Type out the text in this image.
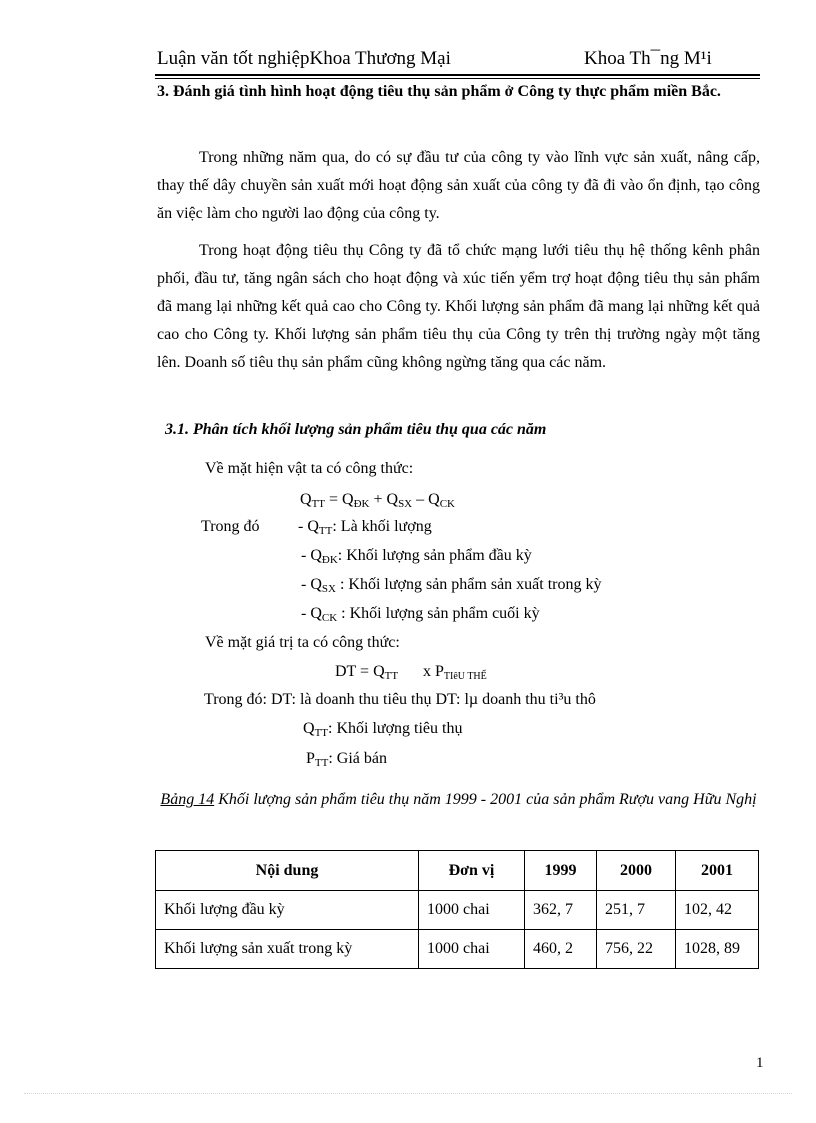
Luận văn tốt nghiệpKhoa Thương Mại	Khoa Th¯ng M¹i
3. Đánh giá tình hình hoạt động tiêu thụ sản phẩm ở Công ty thực phẩm miền Bắc.

Trong những năm qua, do có sự đầu tư của công ty vào lĩnh vực sản xuất, nâng cấp, thay thế dây chuyền sản xuất mới hoạt động sản xuất của công ty đã đi vào ổn định, tạo công ăn việc làm cho người lao động của công ty.

Trong hoạt động tiêu thụ Công ty đã tổ chức mạng lưới tiêu thụ hệ thống kênh phân phối, đầu tư, tăng ngân sách cho hoạt động và xúc tiến yểm trợ hoạt động tiêu thụ sản phẩm đã mang lại những kết quả cao cho Công ty. Khối lượng sản phẩm đã mang lại những kết quả cao cho Công ty. Khối lượng sản phẩm tiêu thụ của Công ty trên thị trường ngày một tăng lên. Doanh số tiêu thụ sản phẩm cũng không ngừng tăng qua các năm.

3.1. Phân tích khối lượng sản phẩm tiêu thụ qua các năm
Về mặt hiện vật ta có công thức:
$Q_{TT} = Q_{ĐK} + Q_{SX} - Q_{CK}$
Trong đó - $Q_{TT}$: Là khối lượng
- $Q_{ĐK}$: Khối lượng sản phẩm đầu kỳ
- $Q_{SX}$ : Khối lượng sản phẩm sản xuất trong kỳ
- $Q_{CK}$ : Khối lượng sản phẩm cuối kỳ
Về mặt giá trị ta có công thức:
DT = $Q_{TT}$ x $P_{TIêU THỂ}$
Trong đó: DT: là doanh thu tiêu thụ DT: lµ doanh thu ti³u thô
$Q_{TT}$: Khối lượng tiêu thụ
$P_{TT}$: Giá bán
Bảng 14 Khối lượng sản phẩm tiêu thụ năm 1999 - 2001 của sản phẩm Rượu vang Hữu Nghị
Nội dung	Đơn vị	1999	2000	2001
Khối lượng đầu kỳ	1000 chai	362, 7	251, 7	102, 42
Khối lượng sản xuất trong kỳ	1000 chai	460, 2	756, 22	1028, 89
1
